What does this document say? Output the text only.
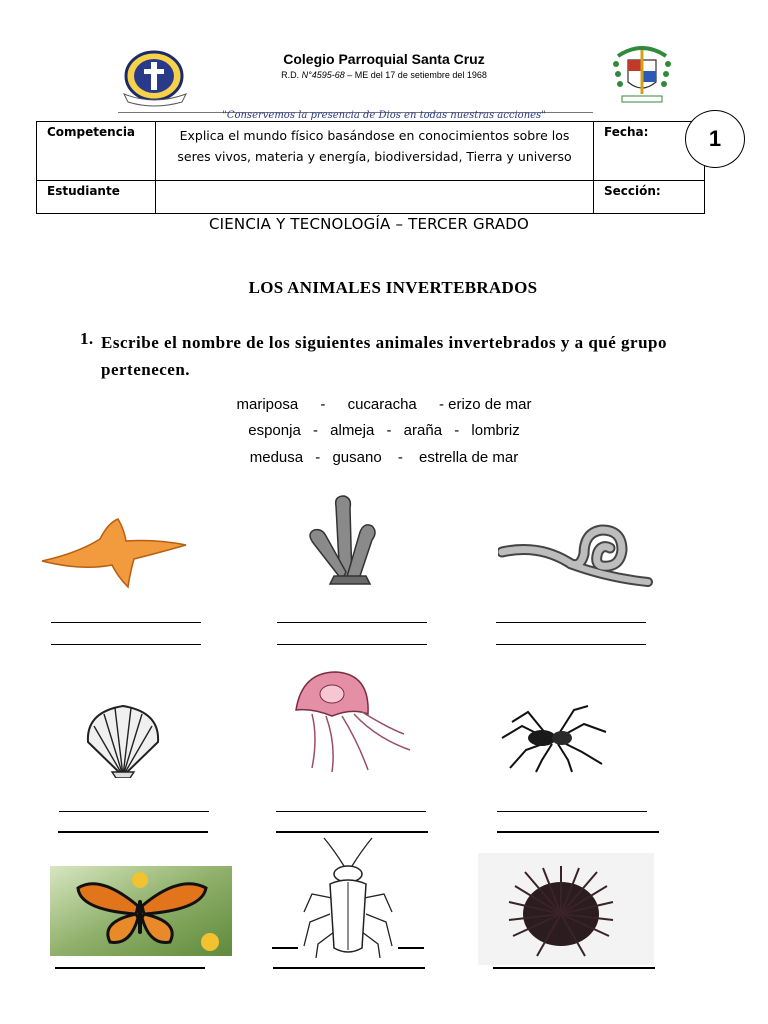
Colegio Parroquial Santa Cruz
R.D. N°4595-68 – ME del 17 de setiembre del 1968
"Conservemos la presencia de Dios en todas nuestras acciones"
Competencia	Explica el mundo físico basándose en conocimientos sobre los seres vivos, materia y energía, biodiversidad, Tierra y universo	Fecha:
Estudiante		Sección:
1
CIENCIA Y TECNOLOGÍA – TERCER GRADO
LOS ANIMALES INVERTEBRADOS
1. Escribe el nombre de los siguientes animales invertebrados y a qué grupo pertenecen.
mariposa - cucaracha - erizo de mar
esponja - almeja - araña - lombriz
medusa - gusano - estrella de mar
